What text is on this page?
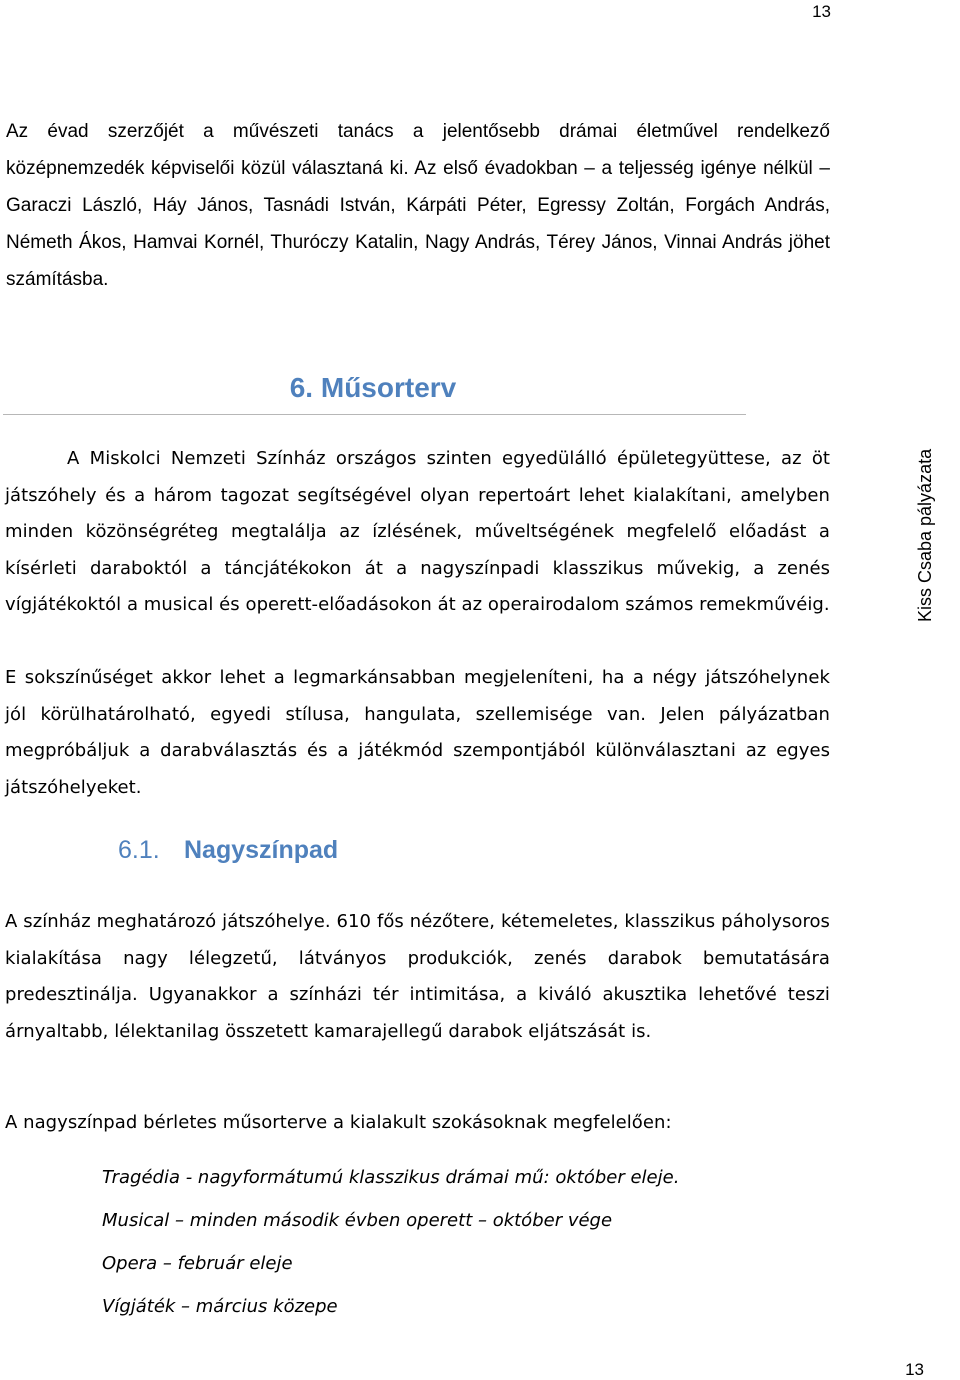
13

Az évad szerzőjét a művészeti tanács a jelentősebb drámai életművel rendelkező középnemzedék képviselői közül választaná ki. Az első évadokban – a teljesség igénye nélkül – Garaczi László, Háy János, Tasnádi István, Kárpáti Péter, Egressy Zoltán, Forgách András, Németh Ákos, Hamvai Kornél, Thuróczy Katalin, Nagy András, Térey János, Vinnai András jöhet számításba.

6. Műsorterv

A Miskolci Nemzeti Színház országos szinten egyedülálló épületegyüttese, az öt játszóhely és a három tagozat segítségével olyan repertoárt lehet kialakítani, amelyben minden közönségréteg megtalálja az ízlésének, műveltségének megfelelő előadást a kísérleti daraboktól a táncjátékokon át a nagyszínpadi klasszikus művekig, a zenés vígjátékoktól a musical és operett-előadásokon át az operairodalom számos remekművéig.

E sokszínűséget akkor lehet a legmarkánsabban megjeleníteni, ha a négy játszóhelynek jól körülhatárolható, egyedi stílusa, hangulata, szellemisége van. Jelen pályázatban megpróbáljuk a darabválasztás és a játékmód szempontjából különválasztani az egyes játszóhelyeket.

6.1. Nagyszínpad

A színház meghatározó játszóhelye. 610 fős nézőtere, kétemeletes, klasszikus páholysoros kialakítása nagy lélegzetű, látványos produkciók, zenés darabok bemutatására predesztinálja. Ugyanakkor a színházi tér intimitása, a kiváló akusztika lehetővé teszi árnyaltabb, lélektanilag összetett kamarajellegű darabok eljátszását is.

A nagyszínpad bérletes műsorterve a kialakult szokásoknak megfelelően:

Tragédia - nagyformátumú klasszikus drámai mű: október eleje.
Musical – minden második évben operett – október vége
Opera – február eleje
Vígjáték – március közepe
Kiss Csaba pályázata
13
